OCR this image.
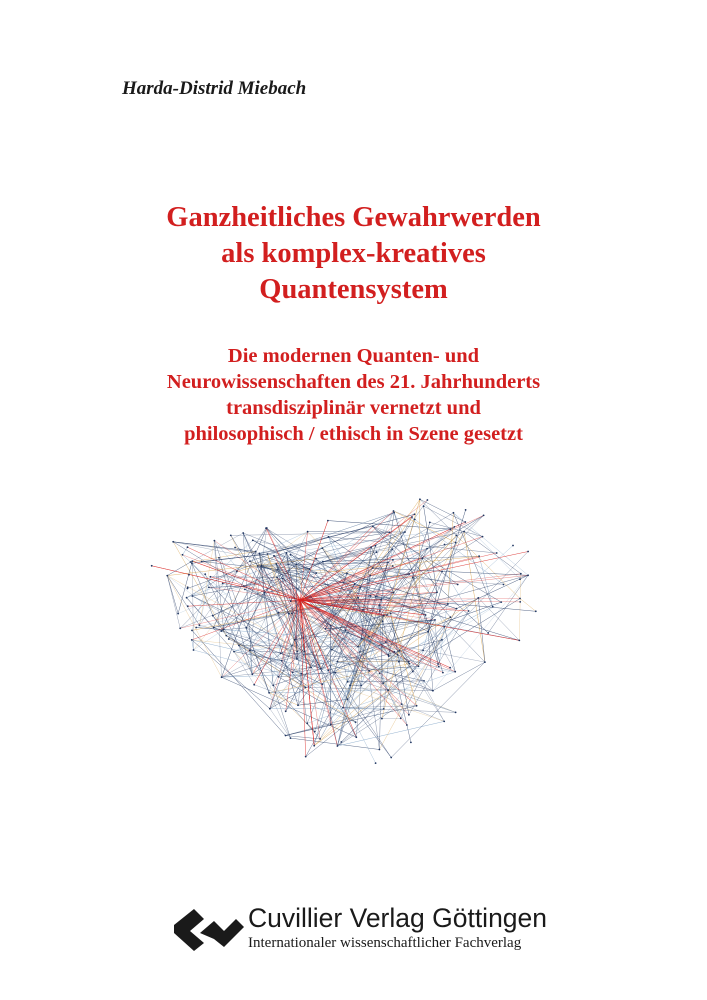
Harda-Distrid Miebach

Ganzheitliches Gewahrwerden
als komplex-kreatives
Quantensystem
Die modernen Quanten- und
Neurowissenschaften des 21. Jahrhunderts
transdisziplinär vernetzt und
philosophisch / ethisch in Szene gesetzt

Cuvillier Verlag Göttingen

Internationaler wissenschaftlicher Fachverlag
